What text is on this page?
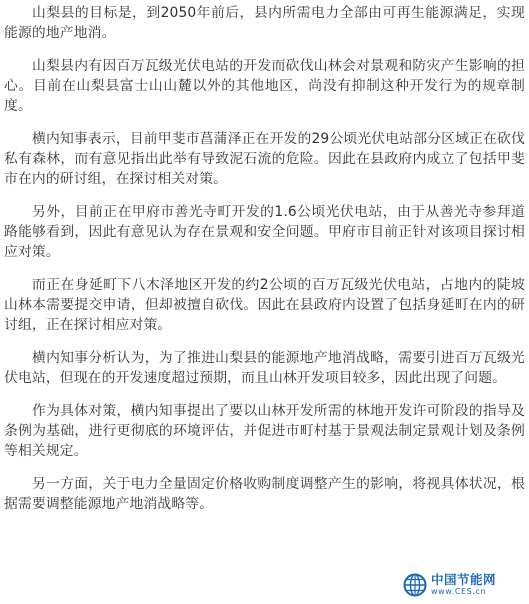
山梨县的目标是，到2050年前后，县内所需电力全部由可再生能源满足，实现能源的地产地消。

山梨县内有因百万瓦级光伏电站的开发而砍伐山林会对景观和防灾产生影响的担心。目前在山梨县富士山山麓以外的其他地区，尚没有抑制这种开发行为的规章制度。

横内知事表示，目前甲斐市菖蒲泽正在开发的29公顷光伏电站部分区域正在砍伐私有森林，而有意见指出此举有导致泥石流的危险。因此在县政府内成立了包括甲斐市在内的研讨组，在探讨相关对策。

另外，目前正在甲府市善光寺町开发的1.6公顷光伏电站，由于从善光寺参拜道路能够看到，因此有意见认为存在景观和安全问题。甲府市目前正针对该项目探讨相应对策。

而正在身延町下八木泽地区开发的约2公顷的百万瓦级光伏电站，占地内的陡坡山林本需要提交申请，但却被擅自砍伐。因此在县政府内设置了包括身延町在内的研讨组，正在探讨相应对策。

横内知事分析认为，为了推进山梨县的能源地产地消战略，需要引进百万瓦级光伏电站，但现在的开发速度超过预期，而且山林开发项目较多，因此出现了问题。

作为具体对策，横内知事提出了要以山林开发所需的林地开发许可阶段的指导及条例为基础，进行更彻底的环境评估，并促进市町村基于景观法制定景观计划及条例等相关规定。

另一方面，关于电力全量固定价格收购制度调整产生的影响，将视具体状况，根据需要调整能源地产地消战略等。

中国节能网
www.CES.cn
